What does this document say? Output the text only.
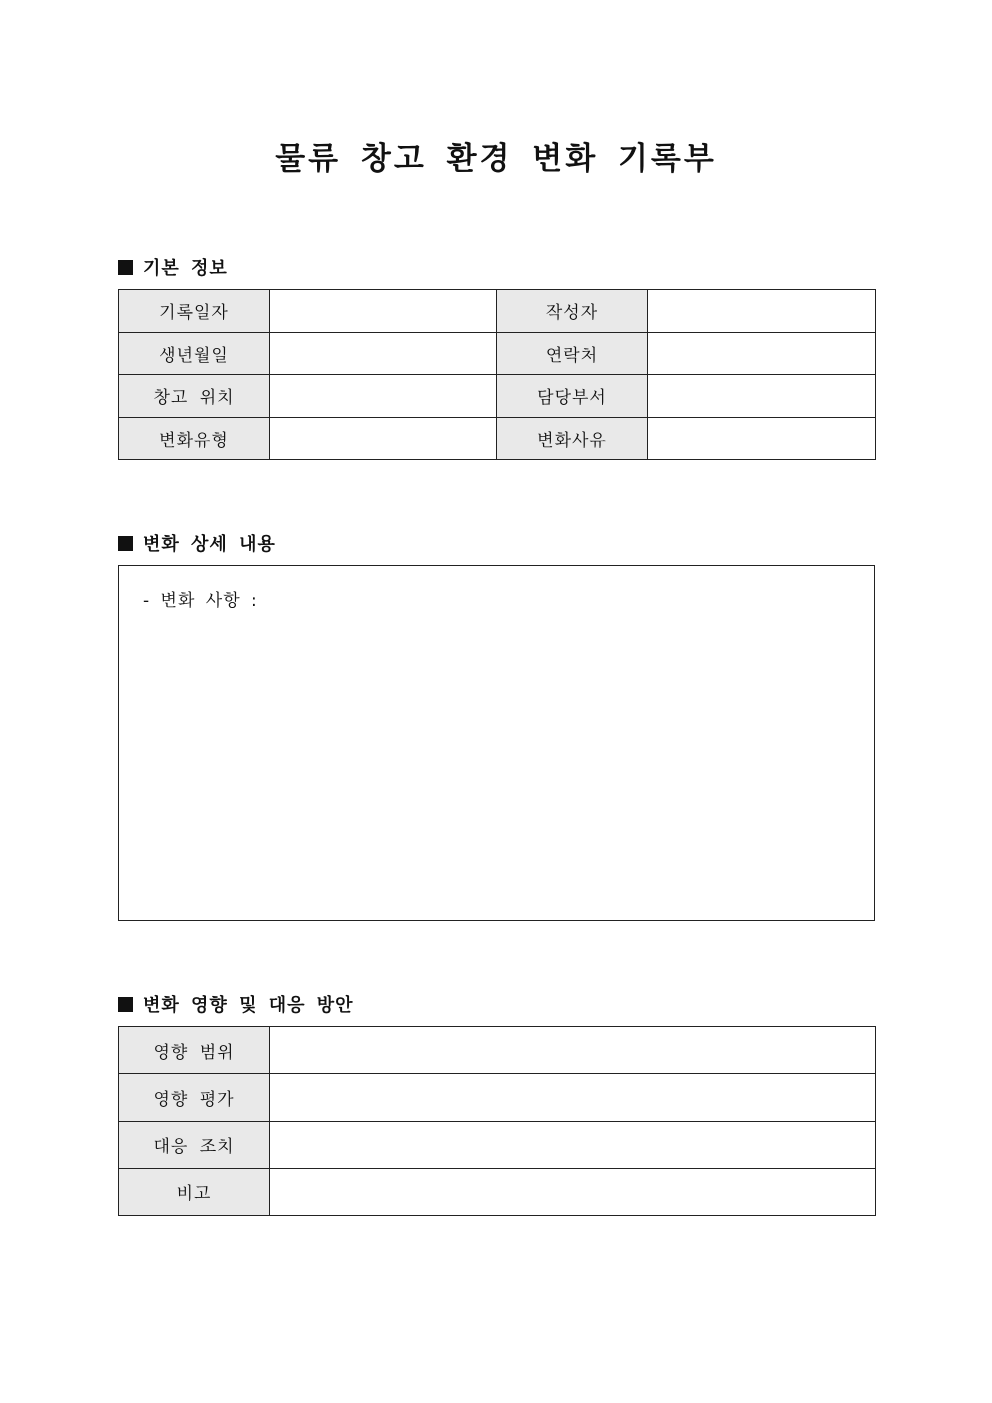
물류 창고 환경 변화 기록부
기본 정보
기록일자		작성자	
생년월일		연락처	
창고 위치		담당부서	
변화유형		변화사유	
변화 상세 내용
- 변화 사항 :
변화 영향 및 대응 방안
영향 범위	
영향 평가	
대응 조치	
비고	
